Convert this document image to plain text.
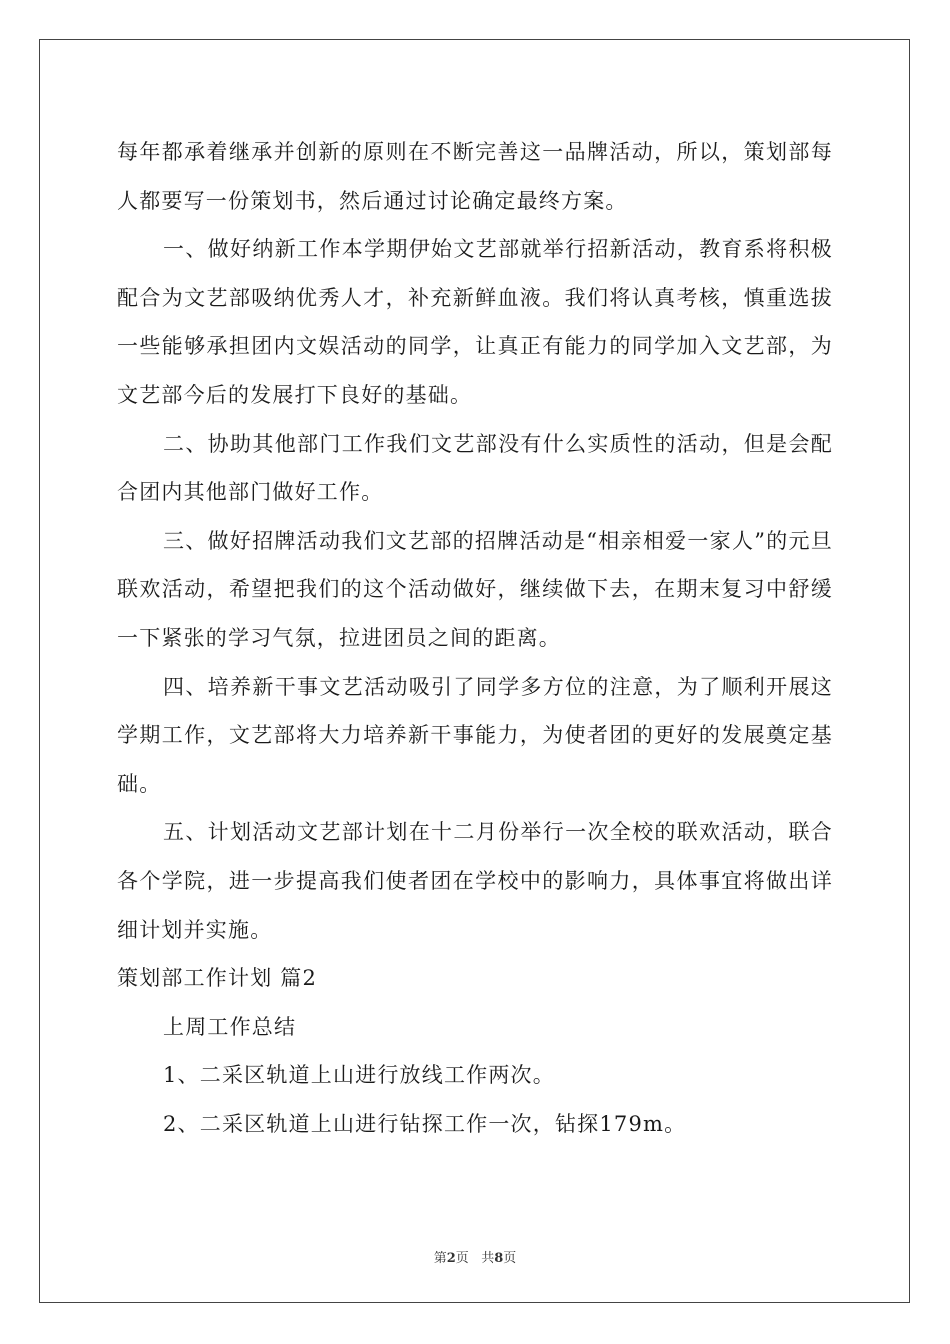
每年都承着继承并创新的原则在不断完善这一品牌活动，所以，策划部每人都要写一份策划书，然后通过讨论确定最终方案。

一、做好纳新工作本学期伊始文艺部就举行招新活动，教育系将积极配合为文艺部吸纳优秀人才，补充新鲜血液。我们将认真考核，慎重选拔一些能够承担团内文娱活动的同学，让真正有能力的同学加入文艺部，为文艺部今后的发展打下良好的基础。

二、协助其他部门工作我们文艺部没有什么实质性的活动，但是会配合团内其他部门做好工作。

三、做好招牌活动我们文艺部的招牌活动是“相亲相爱一家人”的元旦联欢活动，希望把我们的这个活动做好，继续做下去，在期末复习中舒缓一下紧张的学习气氛，拉进团员之间的距离。

四、培养新干事文艺活动吸引了同学多方位的注意，为了顺利开展这学期工作，文艺部将大力培养新干事能力，为使者团的更好的发展奠定基础。

五、计划活动文艺部计划在十二月份举行一次全校的联欢活动，联合各个学院，进一步提高我们使者团在学校中的影响力，具体事宜将做出详细计划并实施。

策划部工作计划 篇2

上周工作总结

1、二采区轨道上山进行放线工作两次。

2、二采区轨道上山进行钻探工作一次，钻探179m。

第2页 共8页
